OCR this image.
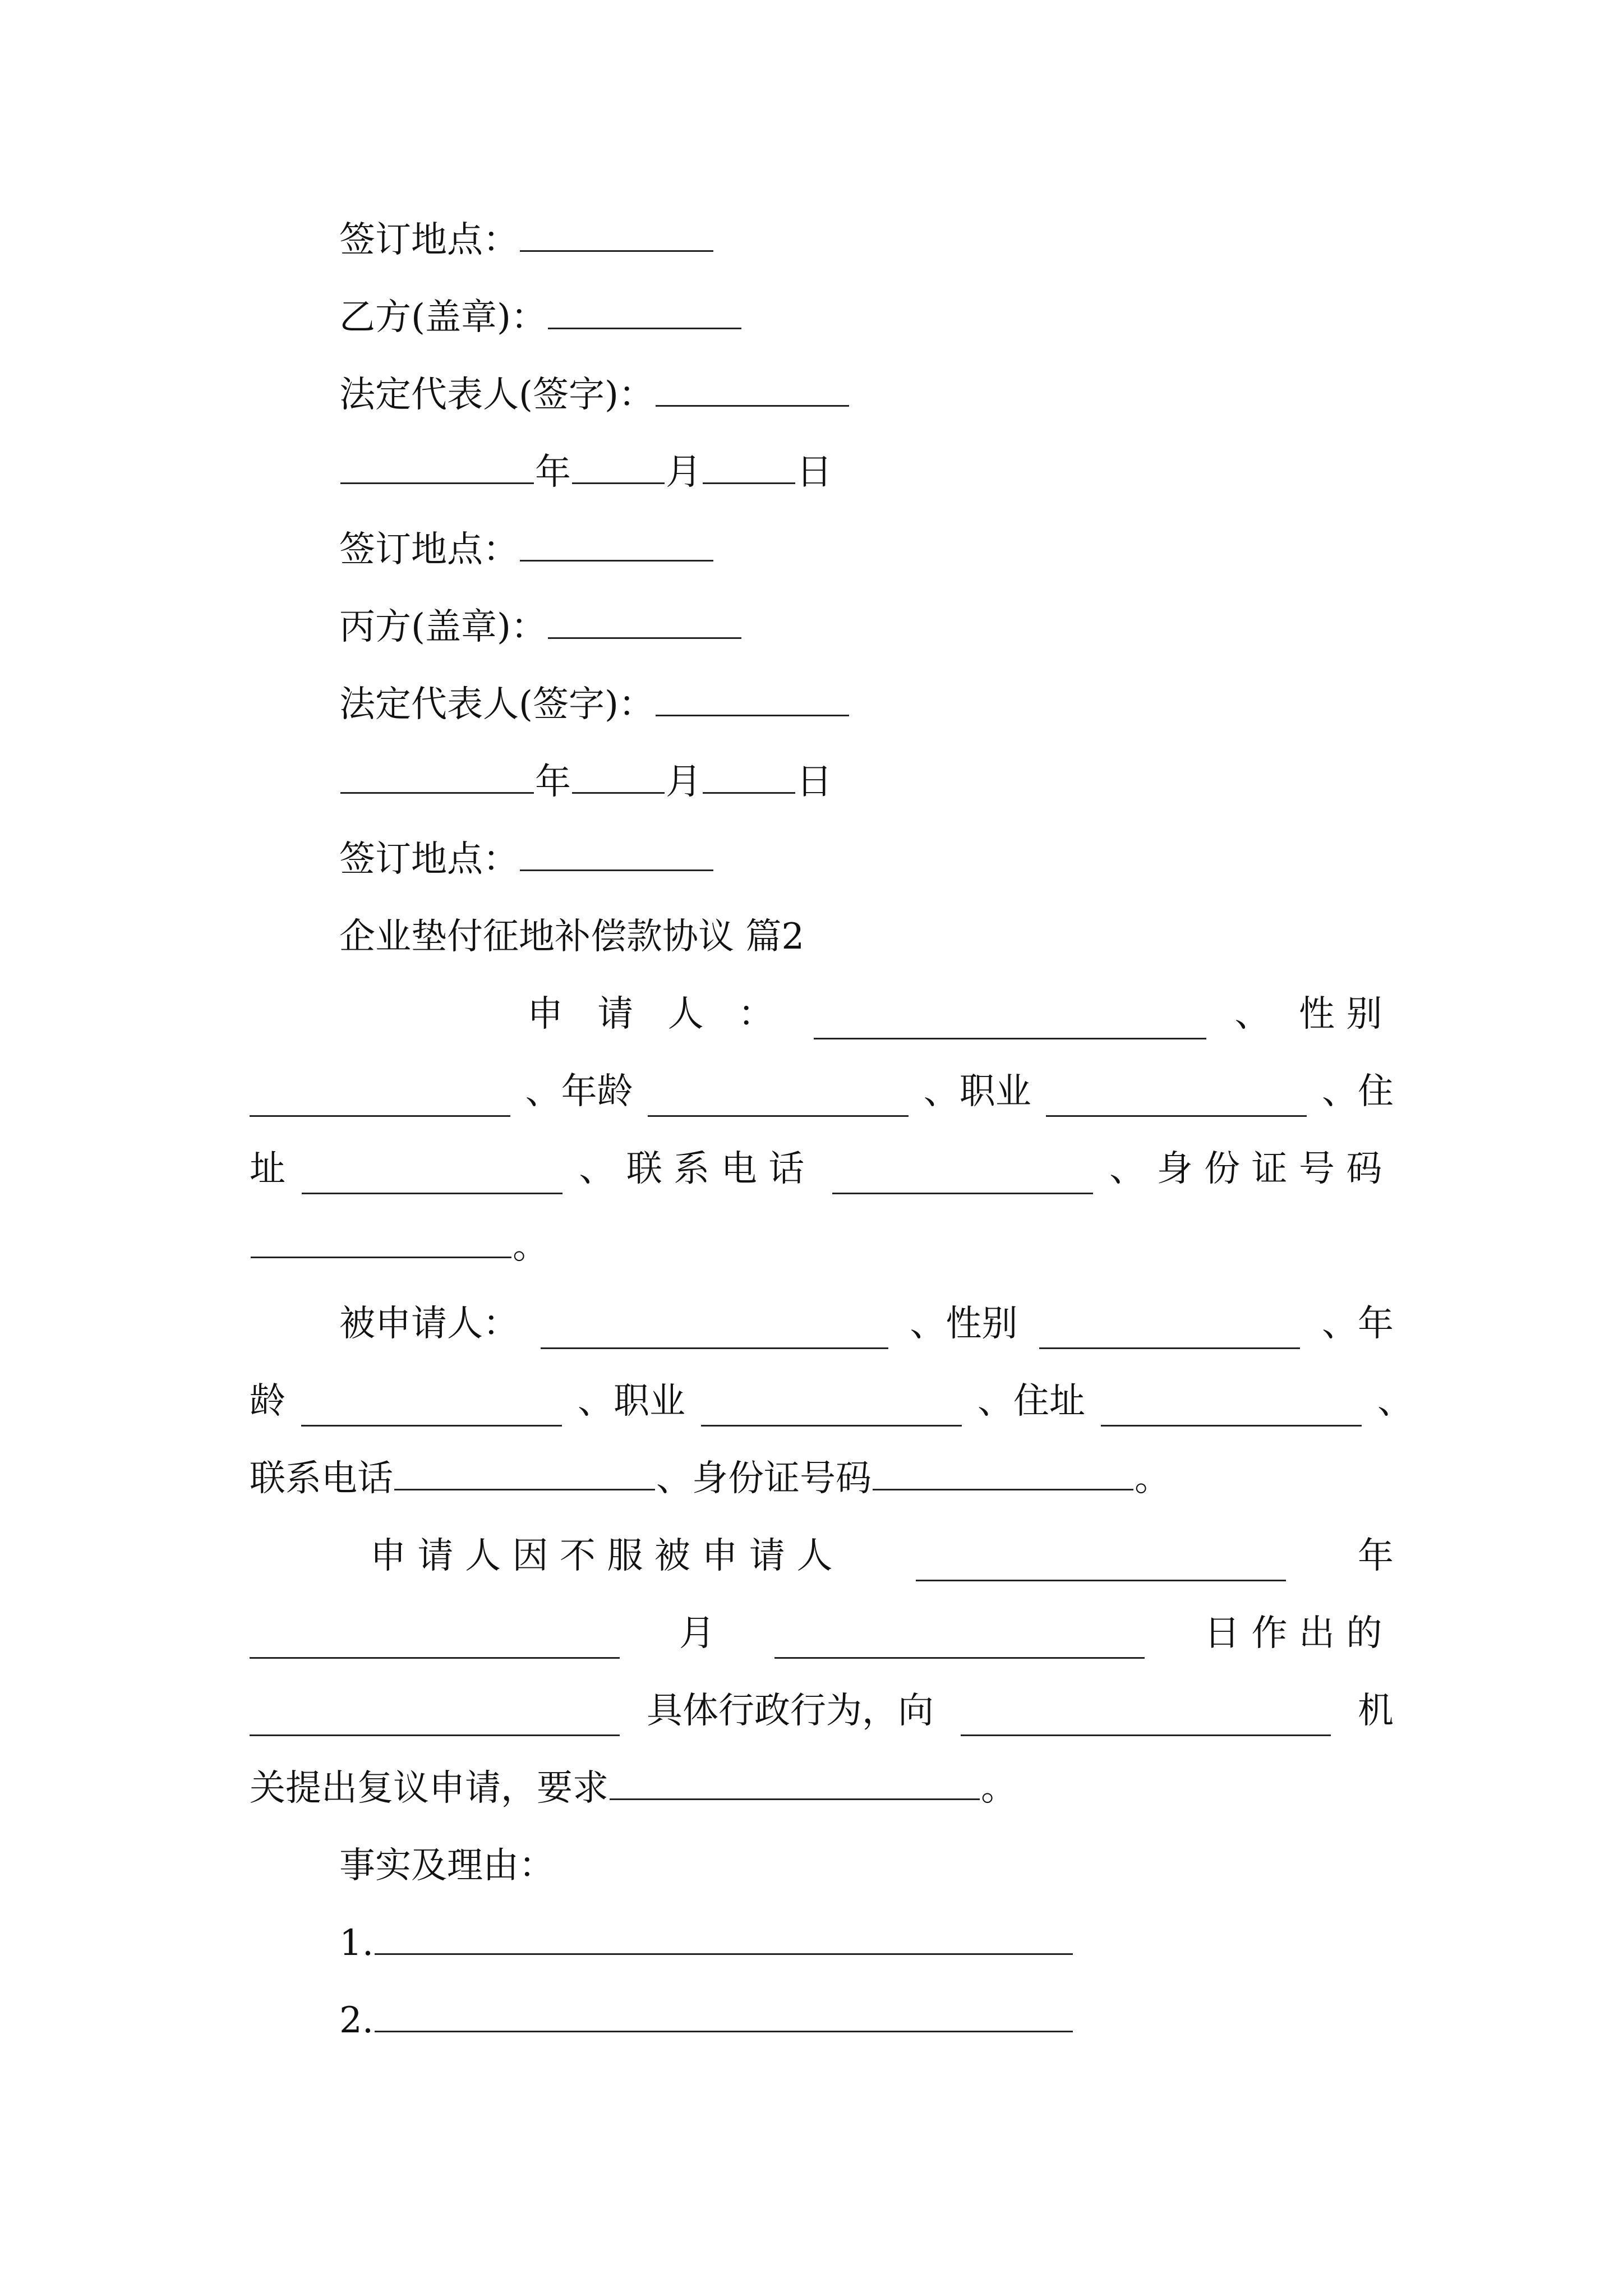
签订地点：
乙方(盖章)：
法定代表人(签字)：
年	月	日
签订地点：
丙方(盖章)：
法定代表人(签字)：
年	月	日
签订地点：
企业垫付征地补偿款协议 篇2
申 请 人 ：	、 性别
、年龄	、职业	、住
址	、联系电话	、身份证号码
。
被申请人：	、性别	、年
龄	、职业	、住址	、
联系电话	、身份证号码	。
申请人因不服被申请人	年
月	日作出的
具体行政行为，向	机
关提出复议申请，要求	。
事实及理由：
1.
2.
